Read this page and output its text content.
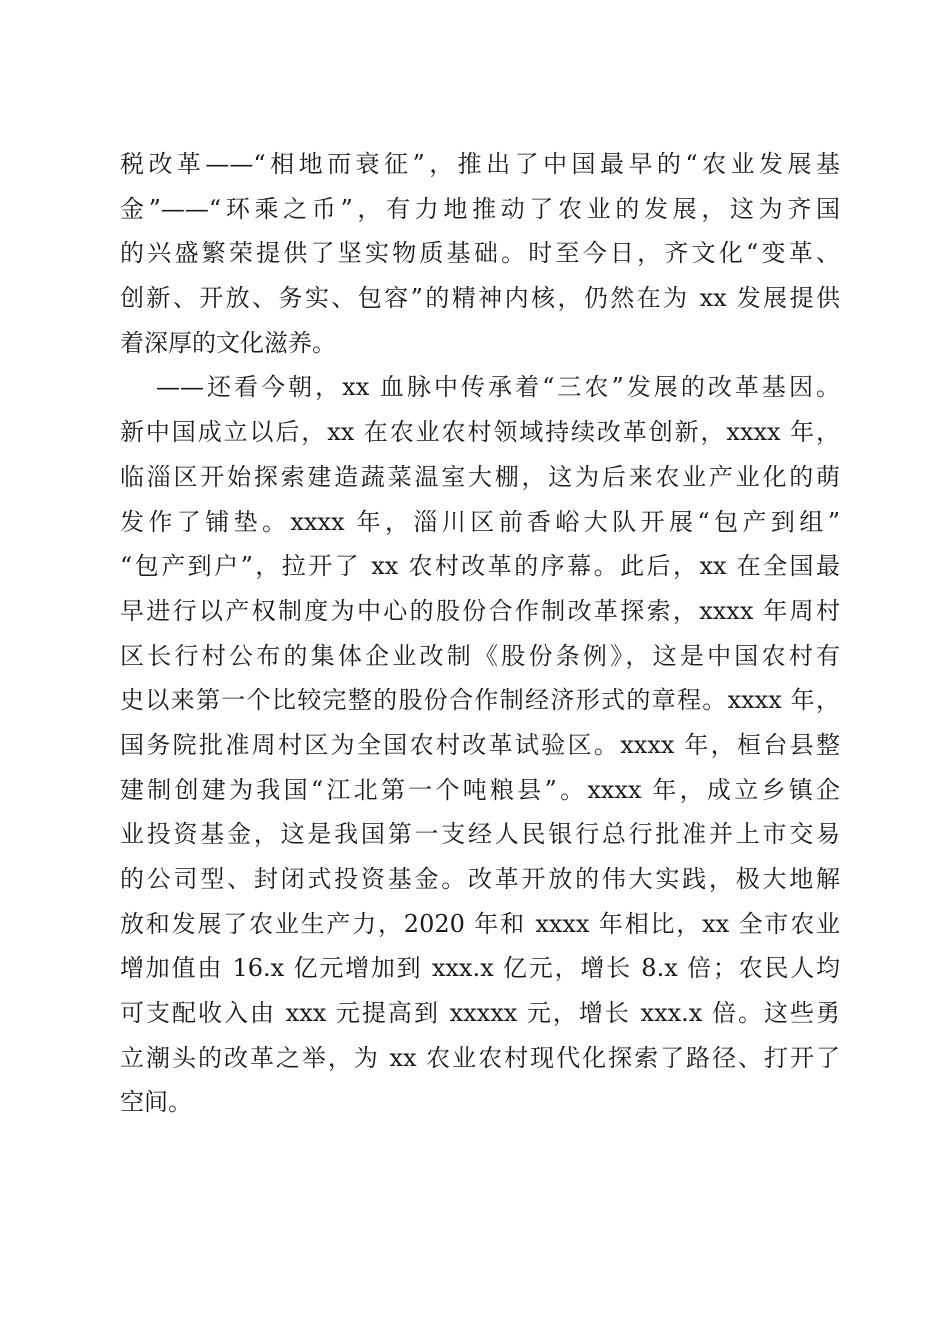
税改革——“相地而衰征”，推出了中国最早的“农业发展基
金”——“环乘之币”，有力地推动了农业的发展，这为齐国
的兴盛繁荣提供了坚实物质基础。时至今日，齐文化“变革、
创新、开放、务实、包容”的精神内核，仍然在为 xx 发展提供
着深厚的文化滋养。
——还看今朝，xx 血脉中传承着“三农”发展的改革基因。
新中国成立以后，xx 在农业农村领域持续改革创新，xxxx 年，
临淄区开始探索建造蔬菜温室大棚，这为后来农业产业化的萌
发作了铺垫。xxxx 年，淄川区前香峪大队开展“包产到组”
“包产到户”，拉开了 xx 农村改革的序幕。此后，xx 在全国最
早进行以产权制度为中心的股份合作制改革探索，xxxx 年周村
区长行村公布的集体企业改制《股份条例》，这是中国农村有
史以来第一个比较完整的股份合作制经济形式的章程。xxxx 年，
国务院批准周村区为全国农村改革试验区。xxxx 年，桓台县整
建制创建为我国“江北第一个吨粮县”。xxxx 年，成立乡镇企
业投资基金，这是我国第一支经人民银行总行批准并上市交易
的公司型、封闭式投资基金。改革开放的伟大实践，极大地解
放和发展了农业生产力，2020 年和 xxxx 年相比，xx 全市农业
增加值由 16.x 亿元增加到 xxx.x 亿元，增长 8.x 倍；农民人均
可支配收入由 xxx 元提高到 xxxxx 元，增长 xxx.x 倍。这些勇
立潮头的改革之举，为 xx 农业农村现代化探索了路径、打开了
空间。
